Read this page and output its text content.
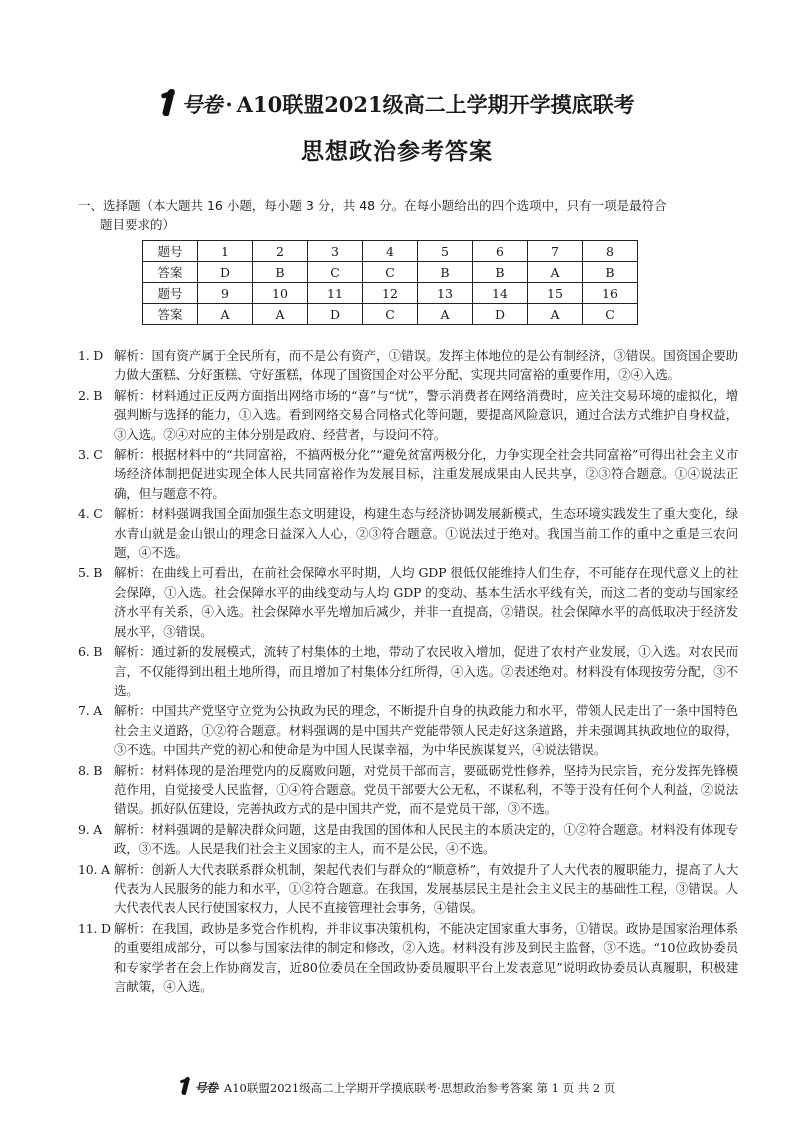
号卷 · A10联盟2021级高二上学期开学摸底联考
思想政治参考答案
一、选择题（本大题共 16 小题，每小题 3 分，共 48 分。在每小题给出的四个选项中，只有一项是最符合
题目要求的）
题号	1	2	3	4	5	6	7	8
答案	D	B	C	C	B	B	A	B
题号	9	10	11	12	13	14	15	16
答案	A	A	D	C	A	D	A	C
1. D 解析：国有资产属于全民所有，而不是公有资产，①错误。发挥主体地位的是公有制经济，③错误。国资国企要助力做大蛋糕、分好蛋糕、守好蛋糕，体现了国资国企对公平分配、实现共同富裕的重要作用，②④入选。
2. B 解析：材料通过正反两方面指出网络市场的“喜”与“忧”，警示消费者在网络消费时，应关注交易环境的虚拟化，增强判断与选择的能力，①入选。看到网络交易合同格式化等问题，要提高风险意识，通过合法方式维护自身权益，③入选。②④对应的主体分别是政府、经营者，与设问不符。
3. C 解析：根据材料中的“共同富裕，不搞两极分化”“避免贫富两极分化，力争实现全社会共同富裕”可得出社会主义市场经济体制把促进实现全体人民共同富裕作为发展目标，注重发展成果由人民共享，②③符合题意。①④说法正确，但与题意不符。
4. C 解析：材料强调我国全面加强生态文明建设，构建生态与经济协调发展新模式，生态环境实践发生了重大变化，绿水青山就是金山银山的理念日益深入人心，②③符合题意。①说法过于绝对。我国当前工作的重中之重是三农问题，④不选。
5. B 解析：在曲线上可看出，在前社会保障水平时期，人均 GDP 很低仅能维持人们生存，不可能存在现代意义上的社会保障，①入选。社会保障水平的曲线变动与人均 GDP 的变动、基本生活水平线有关，而这二者的变动与国家经济水平有关系，④入选。社会保障水平先增加后减少，并非一直提高，②错误。社会保障水平的高低取决于经济发展水平，③错误。
6. B 解析：通过新的发展模式，流转了村集体的土地，带动了农民收入增加，促进了农村产业发展，①入选。对农民而言，不仅能得到出租土地所得，而且增加了村集体分红所得，④入选。②表述绝对。材料没有体现按劳分配，③不选。
7. A 解析：中国共产党坚守立党为公执政为民的理念，不断提升自身的执政能力和水平，带领人民走出了一条中国特色社会主义道路，①②符合题意。材料强调的是中国共产党能带领人民走好这条道路，并未强调其执政地位的取得，③不选。中国共产党的初心和使命是为中国人民谋幸福，为中华民族谋复兴，④说法错误。
8. B 解析：材料体现的是治理党内的反腐败问题，对党员干部而言，要砥砺党性修养，坚持为民宗旨，充分发挥先锋模范作用，自觉接受人民监督，①④符合题意。党员干部要大公无私，不谋私利，不等于没有任何个人利益，②说法错误。抓好队伍建设，完善执政方式的是中国共产党，而不是党员干部，③不选。
9. A 解析：材料强调的是解决群众问题，这是由我国的国体和人民民主的本质决定的，①②符合题意。材料没有体现专政，③不选。人民是我们社会主义国家的主人，而不是公民，④不选。
10. A 解析：创新人大代表联系群众机制，架起代表们与群众的“顺意桥”，有效提升了人大代表的履职能力，提高了人大代表为人民服务的能力和水平，①②符合题意。在我国，发展基层民主是社会主义民主的基础性工程，③错误。人大代表代表人民行使国家权力，人民不直接管理社会事务，④错误。
11. D 解析：在我国，政协是多党合作机构，并非议事决策机构，不能决定国家重大事务，①错误。政协是国家治理体系的重要组成部分，可以参与国家法律的制定和修改，②入选。材料没有涉及到民主监督，③不选。“10位政协委员和专家学者在会上作协商发言，近80位委员在全国政协委员履职平台上发表意见”说明政协委员认真履职，积极建言献策，④入选。
号卷· A10联盟2021级高二上学期开学摸底联考·思想政治参考答案 第 1 页 共 2 页
